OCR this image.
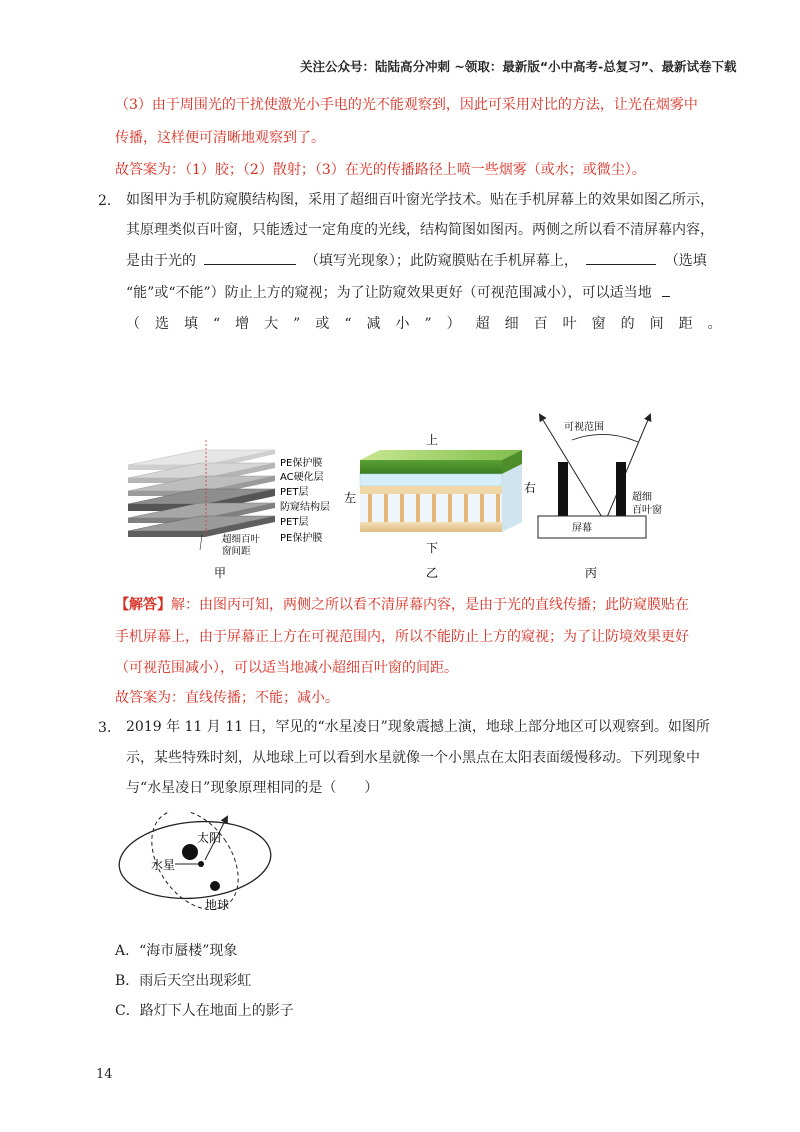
关注公众号：陆陆高分冲刺 ~领取：最新版“小中高考-总复习”、最新试卷下载
（3）由于周围光的干扰使激光小手电的光不能观察到，因此可采用对比的方法，让光在烟雾中
传播，这样便可清晰地观察到了。
故答案为：（1）胶；（2）散射；（3）在光的传播路径上喷一些烟雾（或水；或微尘）。
2. 如图甲为手机防窥膜结构图，采用了超细百叶窗光学技术。贴在手机屏幕上的效果如图乙所示，
其原理类似百叶窗，只能透过一定角度的光线，结构简图如图丙。两侧之所以看不清屏幕内容，
是由于光的	（填写光现象）；此防窥膜贴在手机屏幕上，	（选填
“能”或“不能”）防止上方的窥视；为了让防窥效果更好（可视范围减小），可以适当地
（选填“增大”或“减小”）超细百叶窗的间距。
PE保护膜
AC硬化层
PET层
防窥结构层
PET层
PE保护膜
超细百叶
窗间距
甲
上
左
右
下
乙
屏幕
可视范围
超细
百叶窗
丙
【解答】解：由图丙可知，两侧之所以看不清屏幕内容，是由于光的直线传播；此防窥膜贴在
手机屏幕上，由于屏幕正上方在可视范围内，所以不能防止上方的窥视；为了让防境效果更好
（可视范围减小），可以适当地减小超细百叶窗的间距。
故答案为：直线传播；不能；减小。
3. 2019 年 11 月 11 日，罕见的“水星凌日”现象震撼上演，地球上部分地区可以观察到。如图所
示，某些特殊时刻，从地球上可以看到水星就像一个小黑点在太阳表面缓慢移动。下列现象中
与“水星凌日”现象原理相同的是（　　）
太阳
水星
地球
A．“海市蜃楼”现象
B．雨后天空出现彩虹
C．路灯下人在地面上的影子
14
